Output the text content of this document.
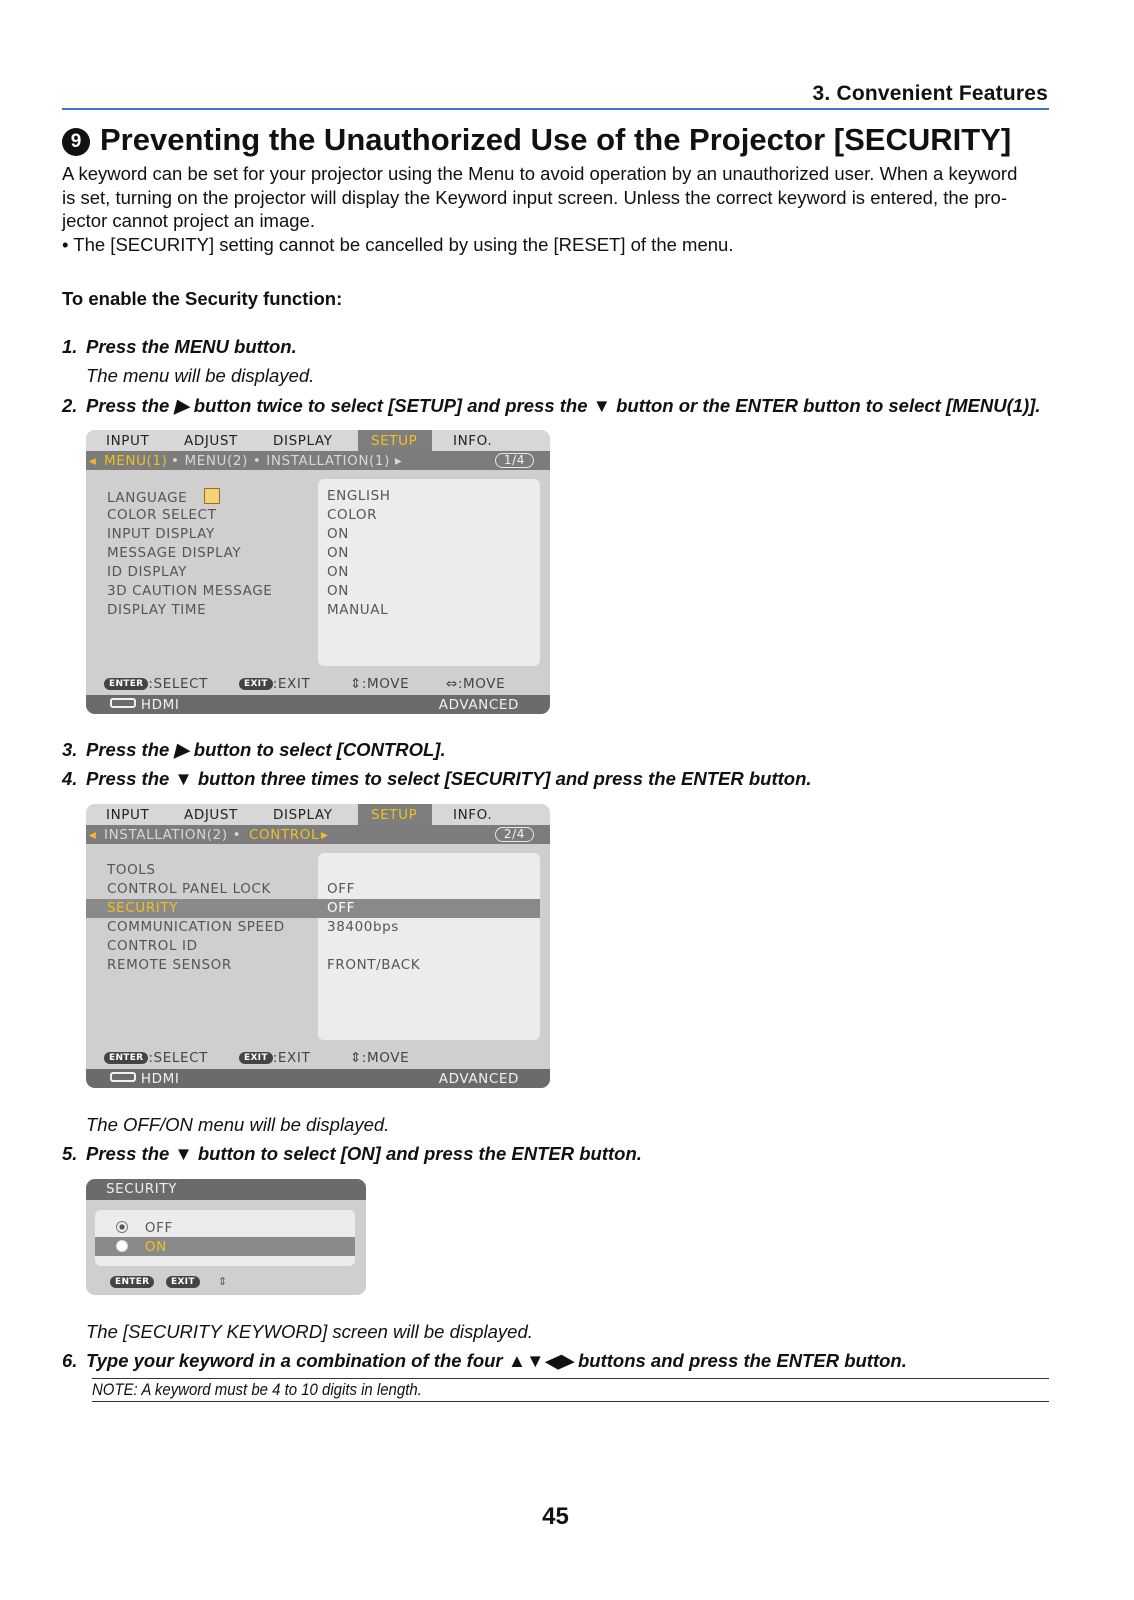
3. Convenient Features
9 Preventing the Unauthorized Use of the Projector [SECURITY]

A keyword can be set for your projector using the Menu to avoid operation by an unauthorized user. When a keyword

is set, turning on the projector will display the Keyword input screen. Unless the correct keyword is entered, the pro-

jector cannot project an image.

• The [SECURITY] setting cannot be cancelled by using the [RESET] of the menu.

To enable the Security function:
1. Press the MENU button.
The menu will be displayed.
2. Press the ▶ button twice to select [SETUP] and press the ▼ button or the ENTER button to select [MENU(1)].
INPUT	ADJUST	DISPLAY	SETUP	INFO.
◂ MENU(1) • MENU(2) • INSTALLATION(1) ▸	1/4
LANGUAGE	ENGLISH
COLOR SELECT	COLOR
INPUT DISPLAY	ON
MESSAGE DISPLAY	ON
ID DISPLAY	ON
3D CAUTION MESSAGE	ON
DISPLAY TIME	MANUAL
ENTER :SELECT	EXIT :EXIT	⇕:MOVE	⇔:MOVE
HDMI	ADVANCED
3. Press the ▶ button to select [CONTROL].
4. Press the ▼ button three times to select [SECURITY] and press the ENTER button.
INPUT	ADJUST	DISPLAY	SETUP	INFO.
◂ INSTALLATION(2) • CONTROL ▸	2/4
TOOLS
CONTROL PANEL LOCK	OFF
SECURITY	OFF
COMMUNICATION SPEED	38400bps
CONTROL ID
REMOTE SENSOR	FRONT/BACK
ENTER :SELECT	EXIT :EXIT	⇕:MOVE
HDMI	ADVANCED
The OFF/ON menu will be displayed.
5. Press the ▼ button to select [ON] and press the ENTER button.
SECURITY
OFF
ON
ENTER	EXIT	⇕
The [SECURITY KEYWORD] screen will be displayed.
6. Type your keyword in a combination of the four ▲▼◀▶ buttons and press the ENTER button.
NOTE: A keyword must be 4 to 10 digits in length.
45
